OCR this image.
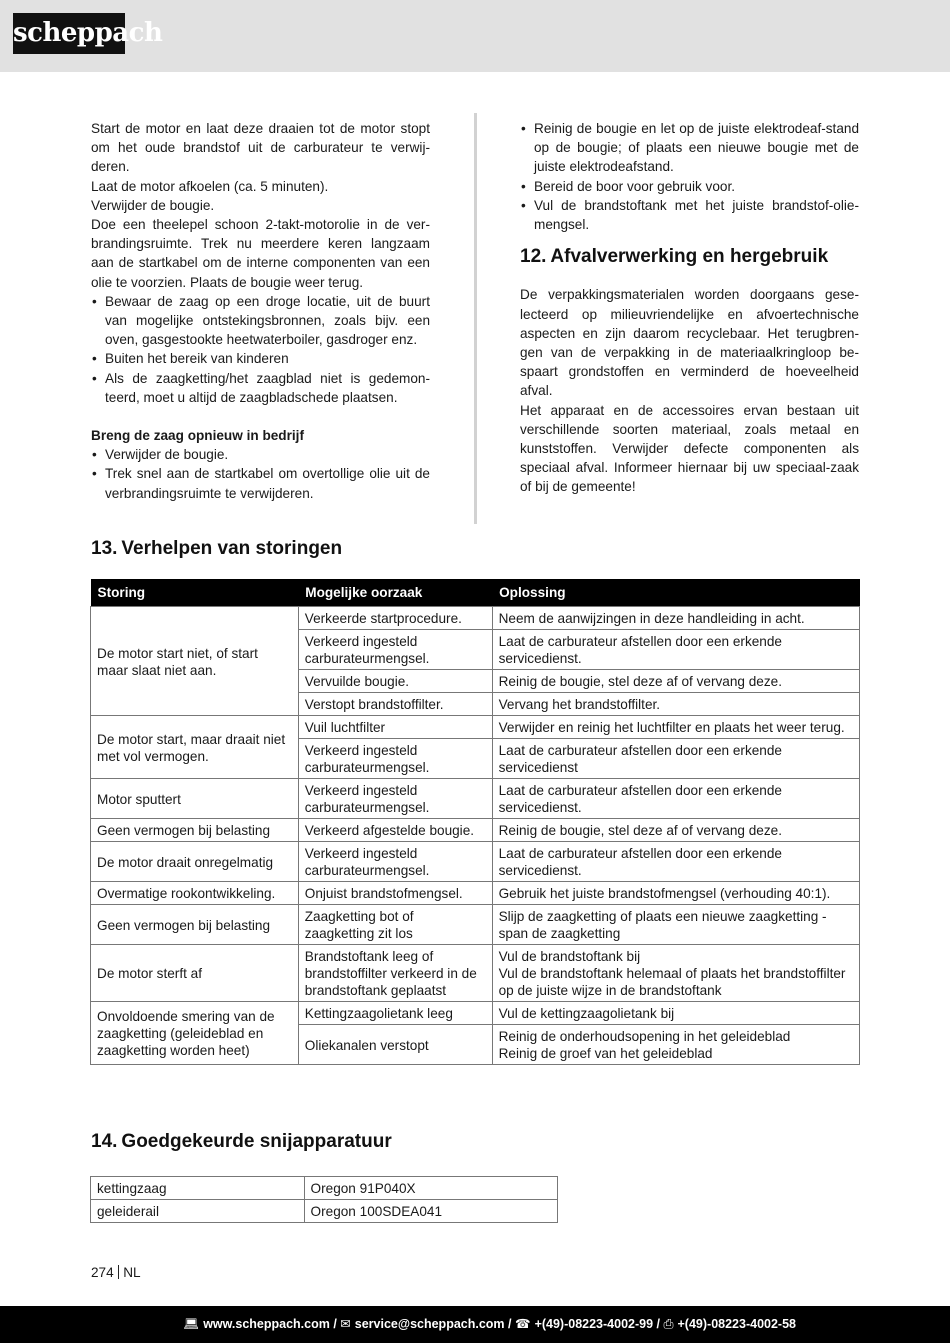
scheppach

Start de motor en laat deze draaien tot de motor stopt om het oude brandstof uit de carburateur te verwij-deren.

Laat de motor afkoelen (ca. 5 minuten).

Verwijder de bougie.

Doe een theelepel schoon 2-takt-motorolie in de ver-brandingsruimte. Trek nu meerdere keren langzaam aan de startkabel om de interne componenten van een olie te voorzien. Plaats de bougie weer terug.

• Bewaar de zaag op een droge locatie, uit de buurt van mogelijke ontstekingsbronnen, zoals bijv. een oven, gasgestookte heetwaterboiler, gasdroger enz.
• Buiten het bereik van kinderen
• Als de zaagketting/het zaagblad niet is gedemon-teerd, moet u altijd de zaagbladschede plaatsen.

Breng de zaag opnieuw in bedrijf

• Verwijder de bougie.
• Trek snel aan de startkabel om overtollige olie uit de verbrandingsruimte te verwijderen.
• Reinig de bougie en let op de juiste elektrodeaf-stand op de bougie; of plaats een nieuwe bougie met de juiste elektrodeafstand.
• Bereid de boor voor gebruik voor.
• Vul de brandstoftank met het juiste brandstof-olie-mengsel.
12. Afvalverwerking en hergebruik

De verpakkingsmaterialen worden doorgaans gese-lecteerd op milieuvriendelijke en afvoertechnische aspecten en zijn daarom recyclebaar. Het terugbren-gen van de verpakking in de materiaalkringloop be-spaart grondstoffen en verminderd de hoeveelheid afval.

Het apparaat en de accessoires ervan bestaan uit verschillende soorten materiaal, zoals metaal en kunststoffen. Verwijder defecte componenten als speciaal afval. Informeer hiernaar bij uw speciaal-zaak of bij de gemeente!

13. Verhelpen van storingen
Storing	Mogelijke oorzaak	Oplossing
De motor start niet, of start maar slaat niet aan.	Verkeerde startprocedure.	Neem de aanwijzingen in deze handleiding in acht.
	Verkeerd ingesteld carburateurmengsel.	Laat de carburateur afstellen door een erkende servicedienst.
	Vervuilde bougie.	Reinig de bougie, stel deze af of vervang deze.
	Verstopt brandstoffilter.	Vervang het brandstoffilter.
De motor start, maar draait niet met vol vermogen.	Vuil luchtfilter	Verwijder en reinig het luchtfilter en plaats het weer terug.
	Verkeerd ingesteld carburateurmengsel.	Laat de carburateur afstellen door een erkende servicedienst
Motor sputtert	Verkeerd ingesteld carburateurmengsel.	Laat de carburateur afstellen door een erkende servicedienst.
Geen vermogen bij belasting	Verkeerd afgestelde bougie.	Reinig de bougie, stel deze af of vervang deze.
De motor draait onregelmatig	Verkeerd ingesteld carburateurmengsel.	Laat de carburateur afstellen door een erkende servicedienst.
Overmatige rookontwikkeling.	Onjuist brandstofmengsel.	Gebruik het juiste brandstofmengsel (verhouding 40:1).
Geen vermogen bij belasting	Zaagketting bot of zaagketting zit los	Slijp de zaagketting of plaats een nieuwe zaagketting - span de zaagketting
De motor sterft af	Brandstoftank leeg of brandstoffilter verkeerd in de brandstoftank geplaatst	Vul de brandstoftank bij
Vul de brandstoftank helemaal of plaats het brandstoffilter op de juiste wijze in de brandstoftank
Onvoldoende smering van de zaagketting (geleideblad en zaagketting worden heet)	Kettingzaagolietank leeg	Vul de kettingzaagolietank bij
	Oliekanalen verstopt	Reinig de onderhoudsopening in het geleideblad
Reinig de groef van het geleideblad
14. Goedgekeurde snijapparatuur
kettingzaag	Oregon 91P040X
geleiderail	Oregon 100SDEA041
274 NL
💻︎ www.scheppach.com / ✉︎ service@scheppach.com / ☎︎ +(49)-08223-4002-99 / ⎙ +(49)-08223-4002-58
